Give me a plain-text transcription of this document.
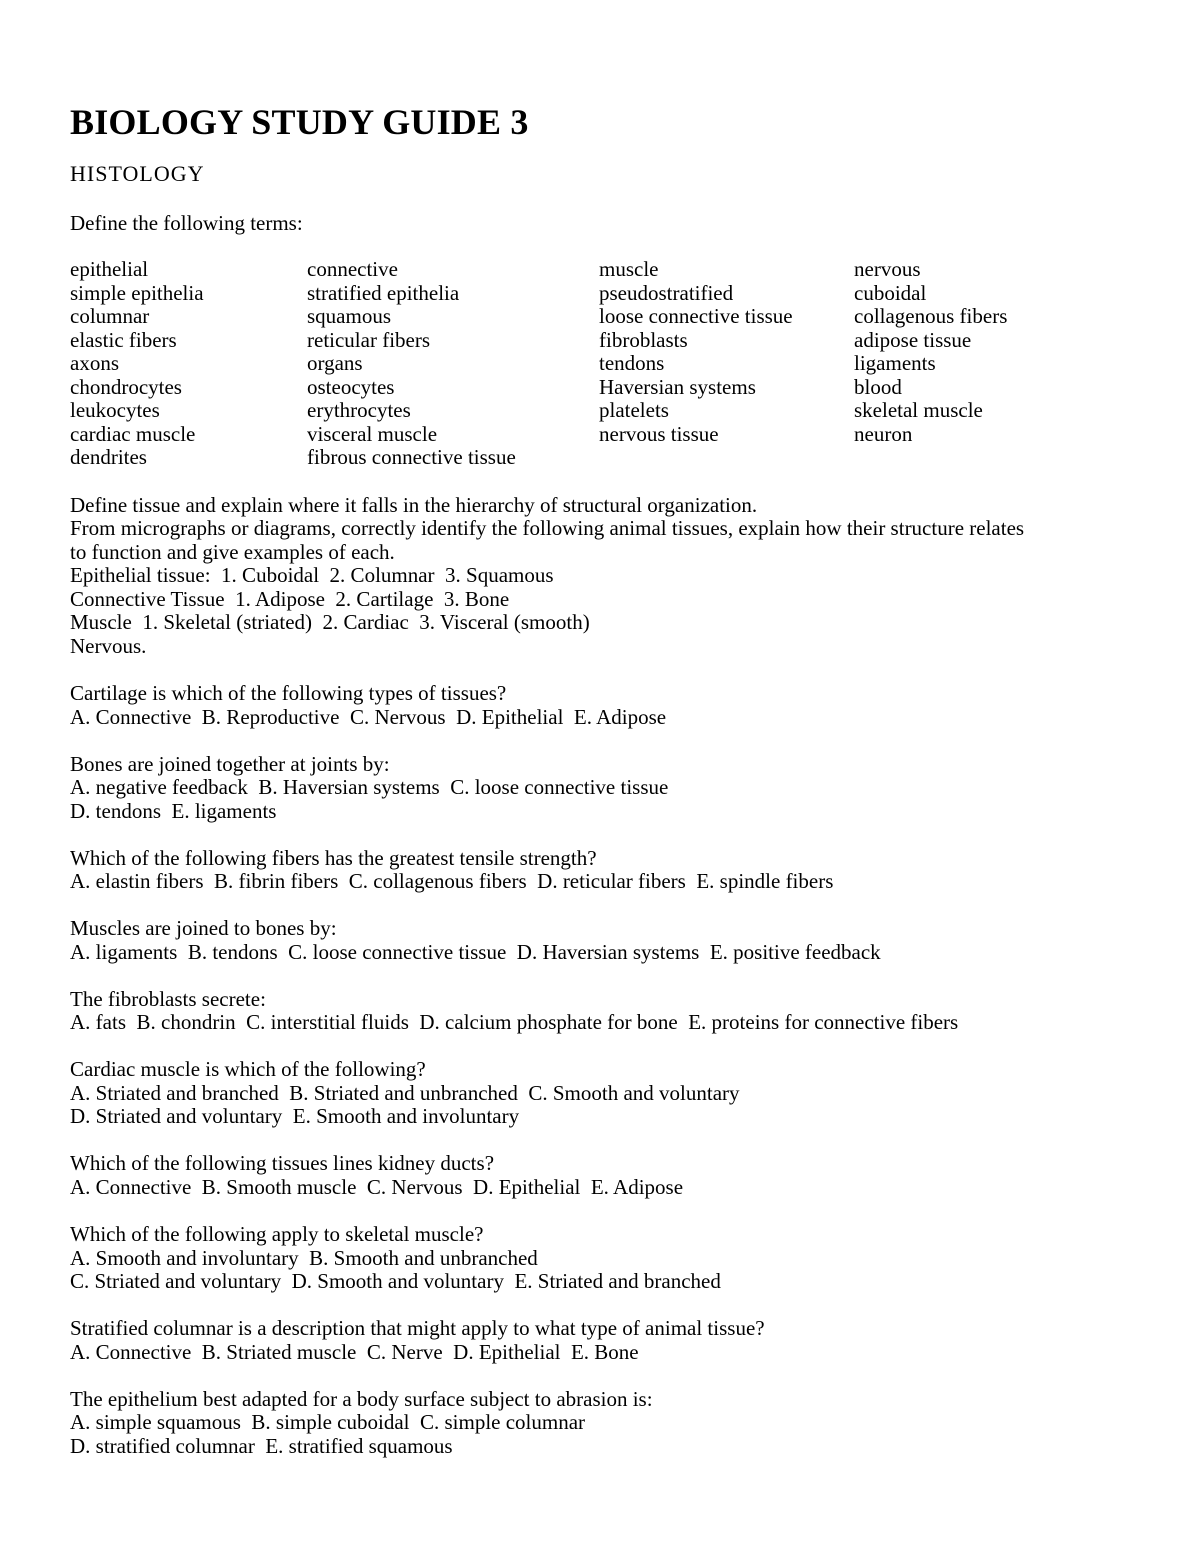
BIOLOGY STUDY GUIDE 3
HISTOLOGY
Define the following terms:
epithelial
simple epithelia
columnar
elastic fibers
axons
chondrocytes
leukocytes
cardiac muscle
dendrites
connective
stratified epithelia
squamous
reticular fibers
organs
osteocytes
erythrocytes
visceral muscle
fibrous connective tissue
muscle
pseudostratified
loose connective tissue
fibroblasts
tendons
Haversian systems
platelets
nervous tissue
nervous
cuboidal
collagenous fibers
adipose tissue
ligaments
blood
skeletal muscle
neuron
Define tissue and explain where it falls in the hierarchy of structural organization.
From micrographs or diagrams, correctly identify the following animal tissues, explain how their structure relates
to function and give examples of each.
Epithelial tissue:  1. Cuboidal  2. Columnar  3. Squamous
Connective Tissue  1. Adipose  2. Cartilage  3. Bone
Muscle  1. Skeletal (striated)  2. Cardiac  3. Visceral (smooth)
Nervous.
Cartilage is which of the following types of tissues?
A. Connective  B. Reproductive  C. Nervous  D. Epithelial  E. Adipose
Bones are joined together at joints by:
A. negative feedback  B. Haversian systems  C. loose connective tissue
D. tendons  E. ligaments
Which of the following fibers has the greatest tensile strength?
A. elastin fibers  B. fibrin fibers  C. collagenous fibers  D. reticular fibers  E. spindle fibers
Muscles are joined to bones by:
A. ligaments  B. tendons  C. loose connective tissue  D. Haversian systems  E. positive feedback
The fibroblasts secrete:
A. fats  B. chondrin  C. interstitial fluids  D. calcium phosphate for bone  E. proteins for connective fibers
Cardiac muscle is which of the following?
A. Striated and branched  B. Striated and unbranched  C. Smooth and voluntary
D. Striated and voluntary  E. Smooth and involuntary
Which of the following tissues lines kidney ducts?
A. Connective  B. Smooth muscle  C. Nervous  D. Epithelial  E. Adipose
Which of the following apply to skeletal muscle?
A. Smooth and involuntary  B. Smooth and unbranched
C. Striated and voluntary  D. Smooth and voluntary  E. Striated and branched
Stratified columnar is a description that might apply to what type of animal tissue?
A. Connective  B. Striated muscle  C. Nerve  D. Epithelial  E. Bone
The epithelium best adapted for a body surface subject to abrasion is:
A. simple squamous  B. simple cuboidal  C. simple columnar
D. stratified columnar  E. stratified squamous
